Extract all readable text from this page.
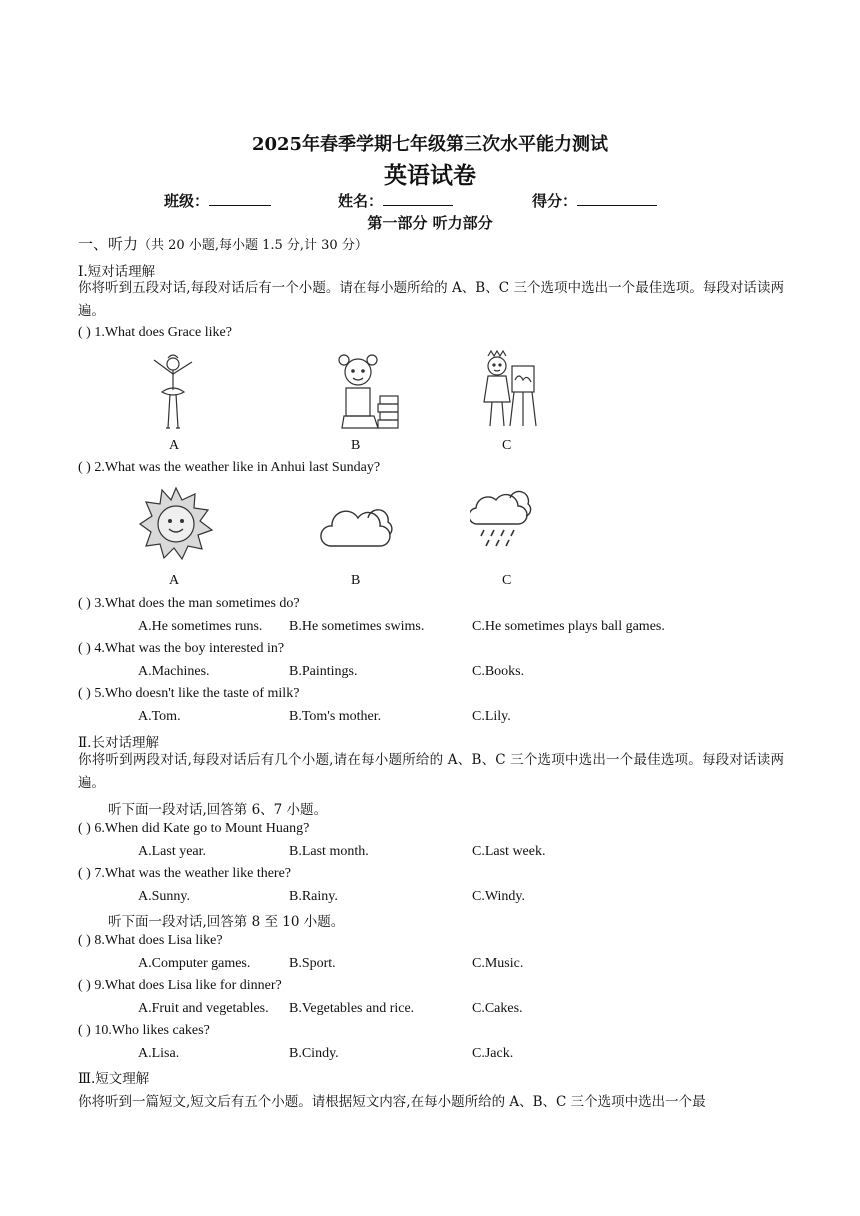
2025年春季学期七年级第三次水平能力测试
英语试卷
班级：	姓名：	得分：
第一部分 听力部分
一、听力（共 20 小题,每小题 1.5 分,计 30 分）
Ⅰ.短对话理解
你将听到五段对话,每段对话后有一个小题。请在每小题所给的 A、B、C 三个选项中选出一个最佳选项。每段对话读两遍。
( ) 1.What does Grace like?
A	B	C
( ) 2.What was the weather like in Anhui last Sunday?
A	B	C
( ) 3.What does the man sometimes do?
A.He sometimes runs. B.He sometimes swims.	C.He sometimes plays ball games.
( ) 4.What was the boy interested in?
A.Machines.	B.Paintings.	C.Books.
( ) 5.Who doesn't like the taste of milk?
A.Tom.	B.Tom's mother.	C.Lily.
Ⅱ.长对话理解
你将听到两段对话,每段对话后有几个小题,请在每小题所给的 A、B、C 三个选项中选出一个最佳选项。每段对话读两遍。
听下面一段对话,回答第 6、7 小题。
( ) 6.When did Kate go to Mount Huang?
A.Last year.	B.Last month.	C.Last week.
( ) 7.What was the weather like there?
A.Sunny.	B.Rainy.	C.Windy.
听下面一段对话,回答第 8 至 10 小题。
( ) 8.What does Lisa like?
A.Computer games.	B.Sport.	C.Music.
( ) 9.What does Lisa like for dinner?
A.Fruit and vegetables. B.Vegetables and rice.	C.Cakes.
( ) 10.Who likes cakes?
A.Lisa.	B.Cindy.	C.Jack.
Ⅲ.短文理解
你将听到一篇短文,短文后有五个小题。请根据短文内容,在每小题所给的 A、B、C 三个选项中选出一个最
